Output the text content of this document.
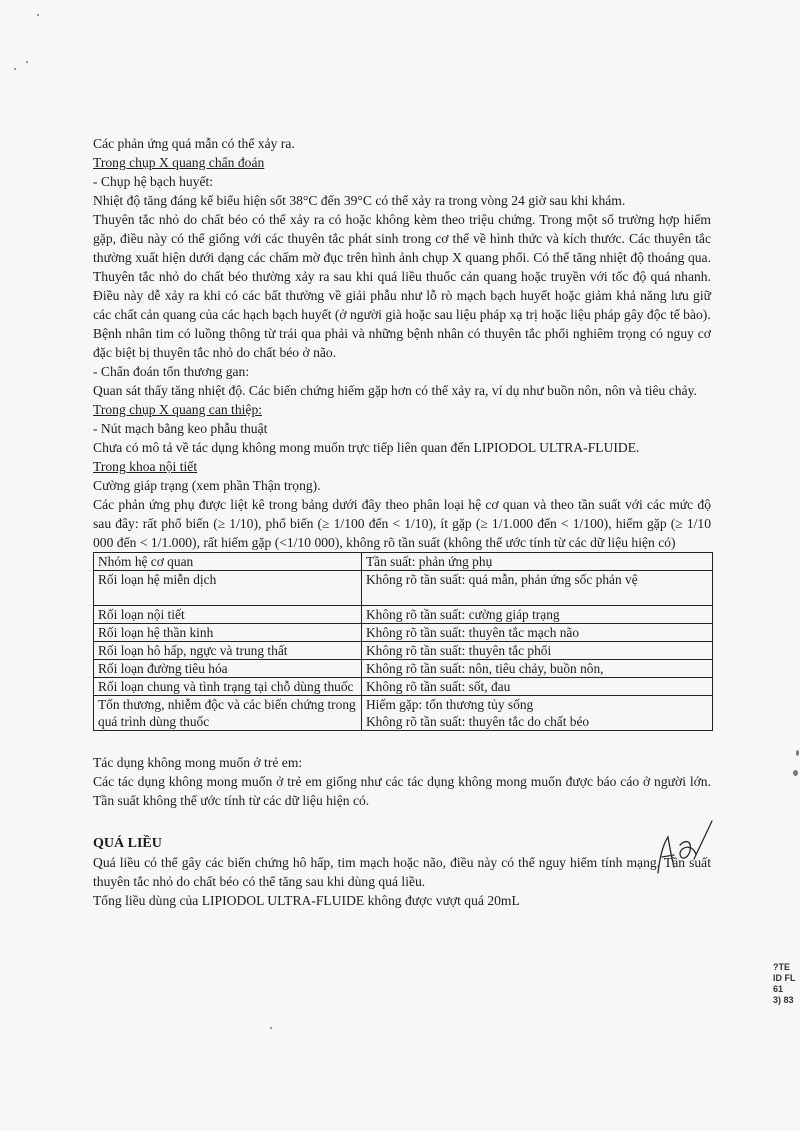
Các phản ứng quá mẫn có thể xảy ra.

Trong chụp X quang chẩn đoán

- Chụp hệ bạch huyết:

Nhiệt độ tăng đáng kể biểu hiện sốt 38°C đến 39°C có thể xảy ra trong vòng 24 giờ sau khi khám.

Thuyên tắc nhỏ do chất béo có thể xảy ra có hoặc không kèm theo triệu chứng. Trong một số trường hợp hiếm gặp, điều này có thể giống với các thuyên tắc phát sinh trong cơ thể về hình thức và kích thước. Các thuyên tắc thường xuất hiện dưới dạng các chấm mờ đục trên hình ảnh chụp X quang phổi. Có thể tăng nhiệt độ thoáng qua. Thuyên tắc nhỏ do chất béo thường xảy ra sau khi quá liều thuốc cản quang hoặc truyền với tốc độ quá nhanh. Điều này dễ xảy ra khi có các bất thường về giải phẫu như lỗ rò mạch bạch huyết hoặc giảm khả năng lưu giữ các chất cản quang của các hạch bạch huyết (ở người già hoặc sau liệu pháp xạ trị hoặc liệu pháp gây độc tế bào).

Bệnh nhân tim có luồng thông từ trái qua phải và những bệnh nhân có thuyên tắc phổi nghiêm trọng có nguy cơ đặc biệt bị thuyên tắc nhỏ do chất béo ở não.

- Chẩn đoán tổn thương gan:

Quan sát thấy tăng nhiệt độ. Các biến chứng hiếm gặp hơn có thể xảy ra, ví dụ như buồn nôn, nôn và tiêu chảy.

Trong chụp X quang can thiệp:

- Nút mạch bằng keo phẫu thuật

Chưa có mô tả về tác dụng không mong muốn trực tiếp liên quan đến LIPIODOL ULTRA-FLUIDE.

Trong khoa nội tiết

Cường giáp trạng (xem phần Thận trọng).

Các phản ứng phụ được liệt kê trong bảng dưới đây theo phân loại hệ cơ quan và theo tần suất với các mức độ sau đây: rất phổ biến (≥ 1/10), phổ biến (≥ 1/100 đến < 1/10), ít gặp (≥ 1/1.000 đến < 1/100), hiếm gặp (≥ 1/10 000 đến < 1/1.000), rất hiếm gặp (<1/10 000), không rõ tần suất (không thể ước tính từ các dữ liệu hiện có)

Nhóm hệ cơ quan	Tần suất: phản ứng phụ
Rối loạn hệ miễn dịch	Không rõ tần suất: quá mẫn, phản ứng sốc phản vệ
Rối loạn nội tiết	Không rõ tần suất: cường giáp trạng
Rối loạn hệ thần kinh	Không rõ tần suất: thuyên tắc mạch não
Rối loạn hô hấp, ngực và trung thất	Không rõ tần suất: thuyên tắc phổi
Rối loạn đường tiêu hóa	Không rõ tần suất: nôn, tiêu chảy, buồn nôn,
Rối loạn chung và tình trạng tại chỗ dùng thuốc	Không rõ tần suất: sốt, đau
Tổn thương, nhiễm độc và các biến chứng trong quá trình dùng thuốc	Hiếm gặp: tổn thương tủy sống
Không rõ tần suất: thuyên tắc do chất béo

Tác dụng không mong muốn ở trẻ em:

Các tác dụng không mong muốn ở trẻ em giống như các tác dụng không mong muốn được báo cáo ở người lớn. Tần suất không thể ước tính từ các dữ liệu hiện có.

QUÁ LIỀU

Quá liều có thể gây các biến chứng hô hấp, tim mạch hoặc não, điều này có thể nguy hiểm tính mạng. Tần suất thuyên tắc nhỏ do chất béo có thể tăng sau khi dùng quá liều.

Tổng liều dùng của LIPIODOL ULTRA-FLUIDE không được vượt quá 20mL

?TE
ID FL
61
3) 83
